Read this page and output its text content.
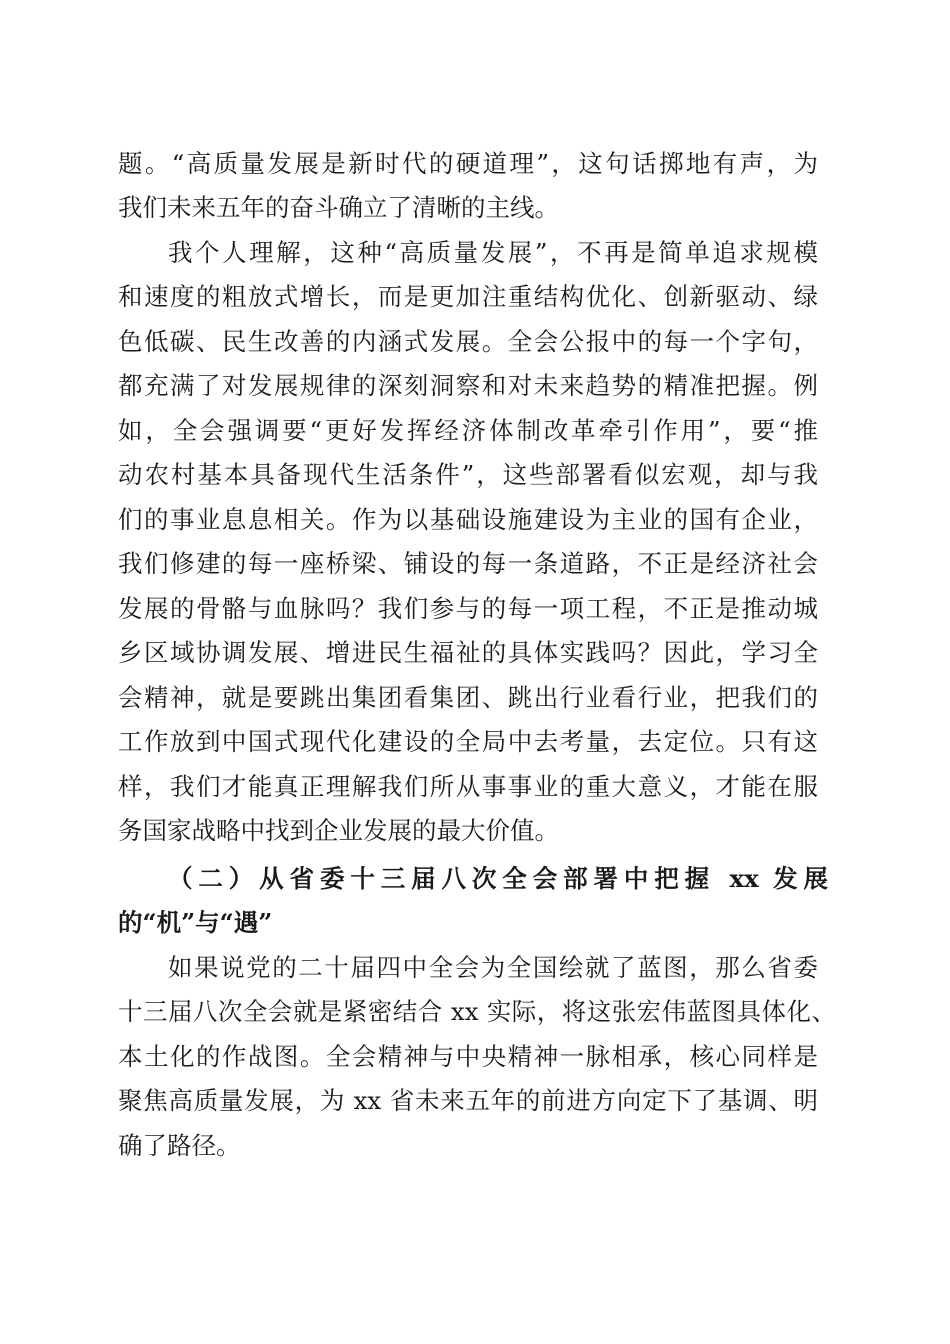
题。“高质量发展是新时代的硬道理”，这句话掷地有声，为
我们未来五年的奋斗确立了清晰的主线。
我个人理解，这种“高质量发展”，不再是简单追求规模
和速度的粗放式增长，而是更加注重结构优化、创新驱动、绿
色低碳、民生改善的内涵式发展。全会公报中的每一个字句，
都充满了对发展规律的深刻洞察和对未来趋势的精准把握。例
如，全会强调要“更好发挥经济体制改革牵引作用”，要“推
动农村基本具备现代生活条件”，这些部署看似宏观，却与我
们的事业息息相关。作为以基础设施建设为主业的国有企业，
我们修建的每一座桥梁、铺设的每一条道路，不正是经济社会
发展的骨骼与血脉吗？我们参与的每一项工程，不正是推动城
乡区域协调发展、增进民生福祉的具体实践吗？因此，学习全
会精神，就是要跳出集团看集团、跳出行业看行业，把我们的
工作放到中国式现代化建设的全局中去考量，去定位。只有这
样，我们才能真正理解我们所从事事业的重大意义，才能在服
务国家战略中找到企业发展的最大价值。
（二）从省委十三届八次全会部署中把握 xx 发展
的“机”与“遇”
如果说党的二十届四中全会为全国绘就了蓝图，那么省委
十三届八次全会就是紧密结合 xx 实际，将这张宏伟蓝图具体化、
本土化的作战图。全会精神与中央精神一脉相承，核心同样是
聚焦高质量发展，为 xx 省未来五年的前进方向定下了基调、明
确了路径。
